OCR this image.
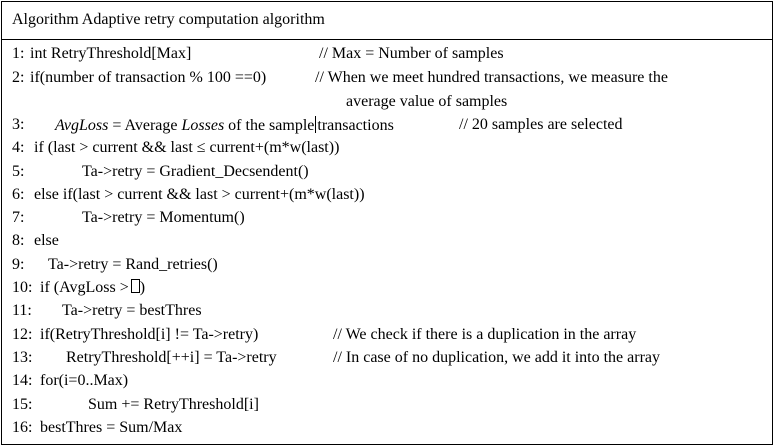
Algorithm Adaptive retry computation algorithm
1: int RetryThreshold[Max]	// Max = Number of samples
2: if(number of transaction % 100 ==0)	// When we meet hundred transactions, we measure the
average value of samples
3: AvgLoss = Average Losses of the sample transactions	// 20 samples are selected
4: if (last > current && last ≤ current+(m*w(last))
5:	Ta->retry = Gradient_Decsendent()
6: else if(last > current && last > current+(m*w(last))
7:	Ta->retry = Momentum()
8: else
9: Ta->retry = Rand_retries()
10: if (AvgLoss > )
11: Ta->retry = bestThres
12: if(RetryThreshold[i] != Ta->retry)	// We check if there is a duplication in the array
13: RetryThreshold[++i] = Ta->retry	// In case of no duplication, we add it into the array
14: for(i=0..Max)
15:	Sum += RetryThreshold[i]
16: bestThres = Sum/Max
